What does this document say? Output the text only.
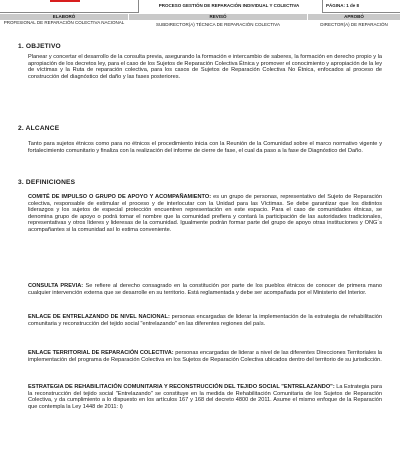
PROCESO GESTIÓN DE REPARACIÓN INDIVIDUAL Y COLECTIVA	PÁGINA: 1 de 8
ELABORÓ	REVISÓ	APROBÓ
PROFESIONAL DE REPARACIÓN COLECTIVA NACIONAL	SUBDIRECTOR(A) TÉCNICA DE REPARACIÓN COLECTIVA	DIRECTOR(A) DE REPARACIÓN
1. OBJETIVO

Planear y concertar el desarrollo de la consulta previa, asegurando la formación e intercambio de saberes, la formación en derecho propio y la apropiación de los decretos ley, para el caso de los Sujetos de Reparación Colectiva Étnica y promover el conocimiento y apropiación de la ley de víctimas y la Ruta de reparación colectiva, para los casos de Sujetos de Reparación Colectiva No Étnica, enfocados al proceso de construcción del diagnóstico del daño y las fases posteriores.

2. ALCANCE

Tanto para sujetos étnicos como para no étnicos el procedimiento inicia con la Reunión de la Comunidad sobre el marco normativo vigente y fortalecimiento comunitario y finaliza con la realización del informe de cierre de fase, el cual da paso a la fase de Diagnóstico del Daño.

3. DEFINICIONES

COMITÉ DE IMPULSO O GRUPO DE APOYO Y ACOMPAÑAMIENTO: es un grupo de personas, representativo del Sujeto de Reparación colectiva, responsable de estimular el proceso y de interlocutar con la Unidad para las Víctimas. Se debe garantizar que los distintos liderazgos y los sujetos de especial protección encuentren representación en este espacio. Para el caso de comunidades étnicas, se denomina grupo de apoyo o podrá tomar el nombre que la comunidad prefiera y contará la participación de las autoridades tradicionales, representativas y otros líderes y lideresas de la comunidad. Igualmente podrán formar parte del grupo de apoyo otras instituciones y ONG´s acompañantes si la comunidad así lo estima conveniente.

CONSULTA PREVIA: Se refiere al derecho consagrado en la constitución por parte de los pueblos étnicos de conocer de primera mano cualquier intervención externa que se desarrolle en su territorio. Está reglamentada y debe ser acompañada por el Ministerio del Interior.

ENLACE DE ENTRELAZANDO DE NIVEL NACIONAL: personas encargadas de liderar la implementación de la estrategia de rehabilitación comunitaria y reconstrucción del tejido social "entrelazando" en las diferentes regiones del país.

ENLACE TERRITORIAL DE REPARACIÓN COLECTIVA: personas encargadas de liderar a nivel de las diferentes Direcciones Territoriales la implementación del programa de Reparación Colectiva en los Sujetos de Reparación Colectiva ubicados dentro del territorio de su jurisdicción.

ESTRATEGIA DE REHABILITACIÓN COMUNITARIA Y RECONSTRUCCIÓN DEL TEJIDO SOCIAL "ENTRELAZANDO": La Estrategia para la reconstrucción del tejido social "Entrelazando" se constituye en la medida de Rehabilitación Comunitaria de los Sujetos de Reparación Colectiva, y da cumplimiento a lo dispuesto en los artículos 167 y 168 del decreto 4800 de 2011. Asume el mismo enfoque de la Reparación que contempla la Ley 1448 de 2011: l)
